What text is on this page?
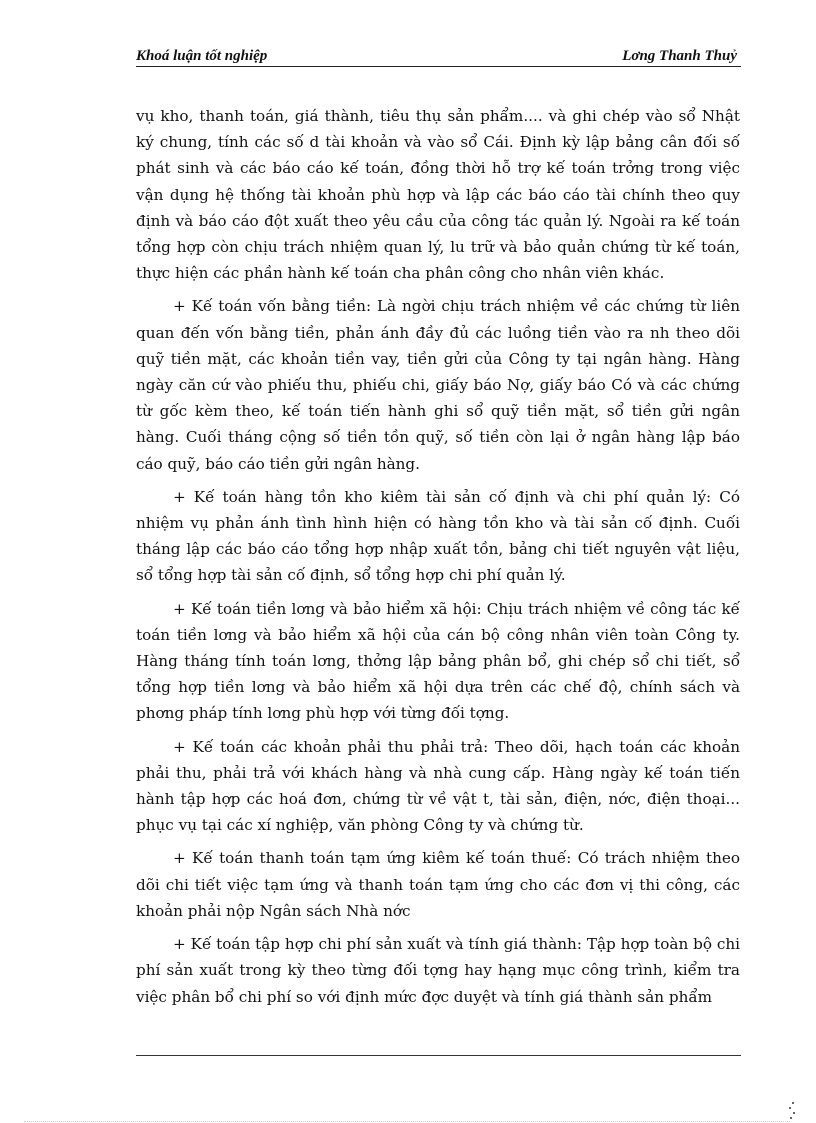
Khoá luận tốt nghiệp	Lơng Thanh Thuỷ

vụ kho, thanh toán, giá thành, tiêu thụ sản phẩm.... và ghi chép vào sổ Nhật ký chung, tính các số d tài khoản và vào sổ Cái. Định kỳ lập bảng cân đối số phát sinh và các báo cáo kế toán, đồng thời hỗ trợ kế toán trởng trong việc vận dụng hệ thống tài khoản phù hợp và lập các báo cáo tài chính theo quy định và báo cáo đột xuất theo yêu cầu của công tác quản lý. Ngoài ra kế toán tổng hợp còn chịu trách nhiệm quan lý, lu trữ và bảo quản chứng từ kế toán, thực hiện các phần hành kế toán cha phân công cho nhân viên khác.

+ Kế toán vốn bằng tiền: Là ngời chịu trách nhiệm về các chứng từ liên quan đến vốn bằng tiền, phản ánh đầy đủ các luồng tiền vào ra nh theo dõi quỹ tiền mặt, các khoản tiền vay, tiền gửi của Công ty tại ngân hàng. Hàng ngày căn cứ vào phiếu thu, phiếu chi, giấy báo Nợ, giấy báo Có và các chứng từ gốc kèm theo, kế toán tiến hành ghi sổ quỹ tiền mặt, sổ tiền gửi ngân hàng. Cuối tháng cộng số tiền tồn quỹ, số tiền còn lại ở ngân hàng lập báo cáo quỹ, báo cáo tiền gửi ngân hàng.

+ Kế toán hàng tồn kho kiêm tài sản cố định và chi phí quản lý: Có nhiệm vụ phản ánh tình hình hiện có hàng tồn kho và tài sản cố định. Cuối tháng lập các báo cáo tổng hợp nhập xuất tồn, bảng chi tiết nguyên vật liệu, sổ tổng hợp tài sản cố định, sổ tổng hợp chi phí quản lý.

+ Kế toán tiền lơng và bảo hiểm xã hội: Chịu trách nhiệm về công tác kế toán tiền lơng và bảo hiểm xã hội của cán bộ công nhân viên toàn Công ty. Hàng tháng tính toán lơng, thởng lập bảng phân bổ, ghi chép sổ chi tiết, sổ tổng hợp tiền lơng và bảo hiểm xã hội dựa trên các chế độ, chính sách và phơng pháp tính lơng phù hợp với từng đối tợng.

+ Kế toán các khoản phải thu phải trả: Theo dõi, hạch toán các khoản phải thu, phải trả với khách hàng và nhà cung cấp. Hàng ngày kế toán tiến hành tập hợp các hoá đơn, chứng từ về vật t, tài sản, điện, nớc, điện thoại... phục vụ tại các xí nghiệp, văn phòng Công ty và chứng từ.

+ Kế toán thanh toán tạm ứng kiêm kế toán thuế: Có trách nhiệm theo dõi chi tiết việc tạm ứng và thanh toán tạm ứng cho các đơn vị thi công, các khoản phải nộp Ngân sách Nhà nớc

+ Kế toán tập hợp chi phí sản xuất và tính giá thành: Tập hợp toàn bộ chi phí sản xuất trong kỳ theo từng đối tợng hay hạng mục công trình, kiểm tra việc phân bổ chi phí so với định mức đợc duyệt và tính giá thành sản phẩm
